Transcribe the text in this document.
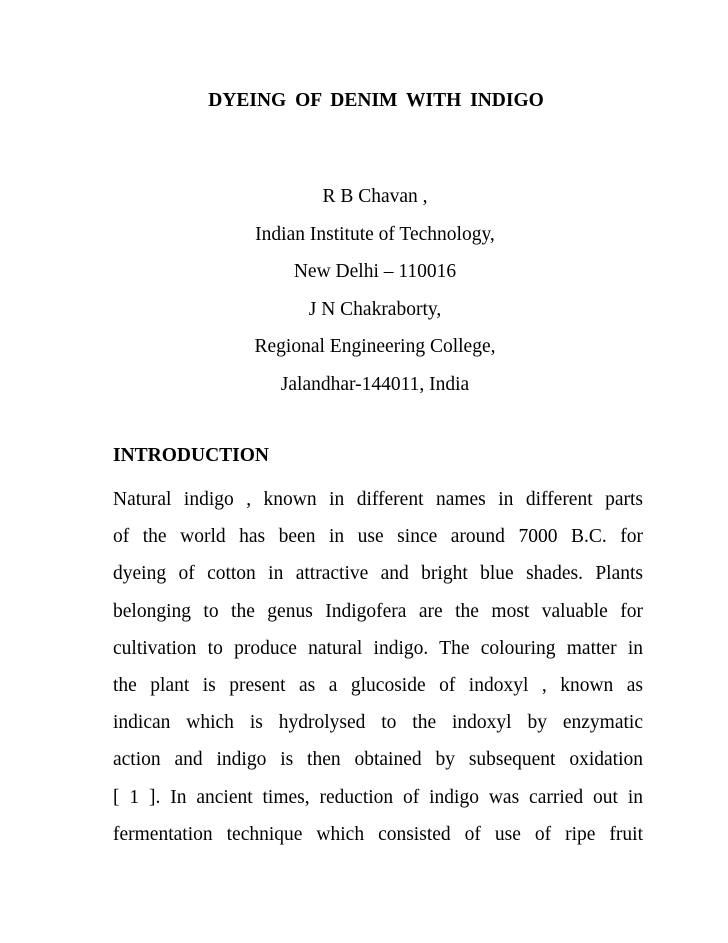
DYEING OF DENIM WITH INDIGO
R B Chavan ,
Indian Institute of Technology,
New Delhi – 110016
J N Chakraborty,
Regional Engineering College,
Jalandhar-144011, India
INTRODUCTION
Natural indigo , known in different names in different parts
of the world has been in use since around 7000 B.C. for
dyeing of cotton in attractive and bright blue shades. Plants
belonging to the genus Indigofera are the most valuable for
cultivation to produce natural indigo. The colouring matter in
the plant is present as a glucoside of indoxyl , known as
indican which is hydrolysed to the indoxyl by enzymatic
action and indigo is then obtained by subsequent oxidation
[ 1 ]. In ancient times, reduction of indigo was carried out in
fermentation technique which consisted of use of ripe fruit
